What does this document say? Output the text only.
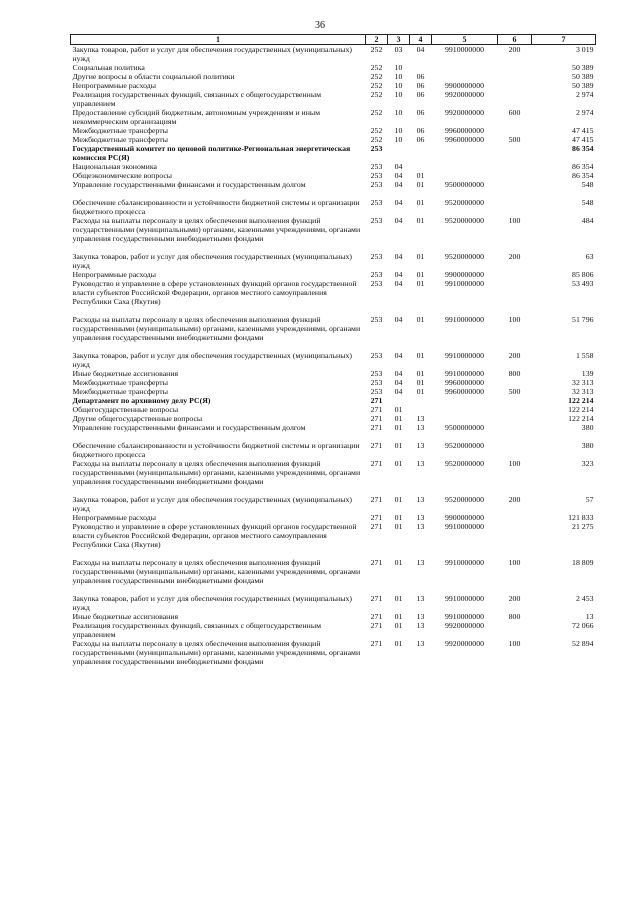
36
1	2	3	4	5	6	7
Закупка товаров, работ и услуг для обеспечения государственных (муниципальных) нужд	252	03	04	9910000000	200	3 019
Социальная политика	252	10				50 389
Другие вопросы в области социальной политики	252	10	06			50 389
Непрограммные расходы	252	10	06	9900000000		50 389
Реализация государственных функций, связанных с общегосударственным управлением	252	10	06	9920000000		2 974
Предоставление субсидий бюджетным, автономным учреждениям и иным некоммерческим организациям	252	10	06	9920000000	600	2 974
Межбюджетные трансферты	252	10	06	9960000000		47 415
Межбюджетные трансферты	252	10	06	9960000000	500	47 415
Государственный комитет по ценовой политике-Региональная энергетическая комиссия РС(Я)	253					86 354
Национальная экономика	253	04				86 354
Общеэкономические вопросы	253	04	01			86 354
Управление государственными финансами и государственным долгом	253	04	01	9500000000		548
Обеспечение сбалансированности и устойчивости бюджетной системы и организации бюджетного процесса	253	04	01	9520000000		548
Расходы на выплаты персоналу в целях обеспечения выполнения функций государственными (муниципальными) органами, казенными учреждениями, органами управления государственными внебюджетными фондами	253	04	01	9520000000	100	484
Закупка товаров, работ и услуг для обеспечения государственных (муниципальных) нужд	253	04	01	9520000000	200	63
Непрограммные расходы	253	04	01	9900000000		85 806
Руководство и управление в сфере установленных функций органов государственной власти субъектов Российской Федерации, органов местного самоуправления Республики Саха (Якутия)	253	04	01	9910000000		53 493
Расходы на выплаты персоналу в целях обеспечения выполнения функций государственными (муниципальными) органами, казенными учреждениями, органами управления государственными внебюджетными фондами	253	04	01	9910000000	100	51 796
Закупка товаров, работ и услуг для обеспечения государственных (муниципальных) нужд	253	04	01	9910000000	200	1 558
Иные бюджетные ассигнования	253	04	01	9910000000	800	139
Межбюджетные трансферты	253	04	01	9960000000		32 313
Межбюджетные трансферты	253	04	01	9960000000	500	32 313
Департамент по архивному делу РС(Я)	271					122 214
Общегосударственные вопросы	271	01				122 214
Другие общегосударственные вопросы	271	01	13			122 214
Управление государственными финансами и государственным долгом	271	01	13	9500000000		380
Обеспечение сбалансированности и устойчивости бюджетной системы и организации бюджетного процесса	271	01	13	9520000000		380
Расходы на выплаты персоналу в целях обеспечения выполнения функций государственными (муниципальными) органами, казенными учреждениями, органами управления государственными внебюджетными фондами	271	01	13	9520000000	100	323
Закупка товаров, работ и услуг для обеспечения государственных (муниципальных) нужд	271	01	13	9520000000	200	57
Непрограммные расходы	271	01	13	9900000000		121 833
Руководство и управление в сфере установленных функций органов государственной власти субъектов Российской Федерации, органов местного самоуправления Республики Саха (Якутия)	271	01	13	9910000000		21 275
Расходы на выплаты персоналу в целях обеспечения выполнения функций государственными (муниципальными) органами, казенными учреждениями, органами управления государственными внебюджетными фондами	271	01	13	9910000000	100	18 809
Закупка товаров, работ и услуг для обеспечения государственных (муниципальных) нужд	271	01	13	9910000000	200	2 453
Иные бюджетные ассигнования	271	01	13	9910000000	800	13
Реализация государственных функций, связанных с общегосударственным управлением	271	01	13	9920000000		72 066
Расходы на выплаты персоналу в целях обеспечения выполнения функций государственными (муниципальными) органами, казенными учреждениями, органами управления государственными внебюджетными фондами	271	01	13	9920000000	100	52 894
